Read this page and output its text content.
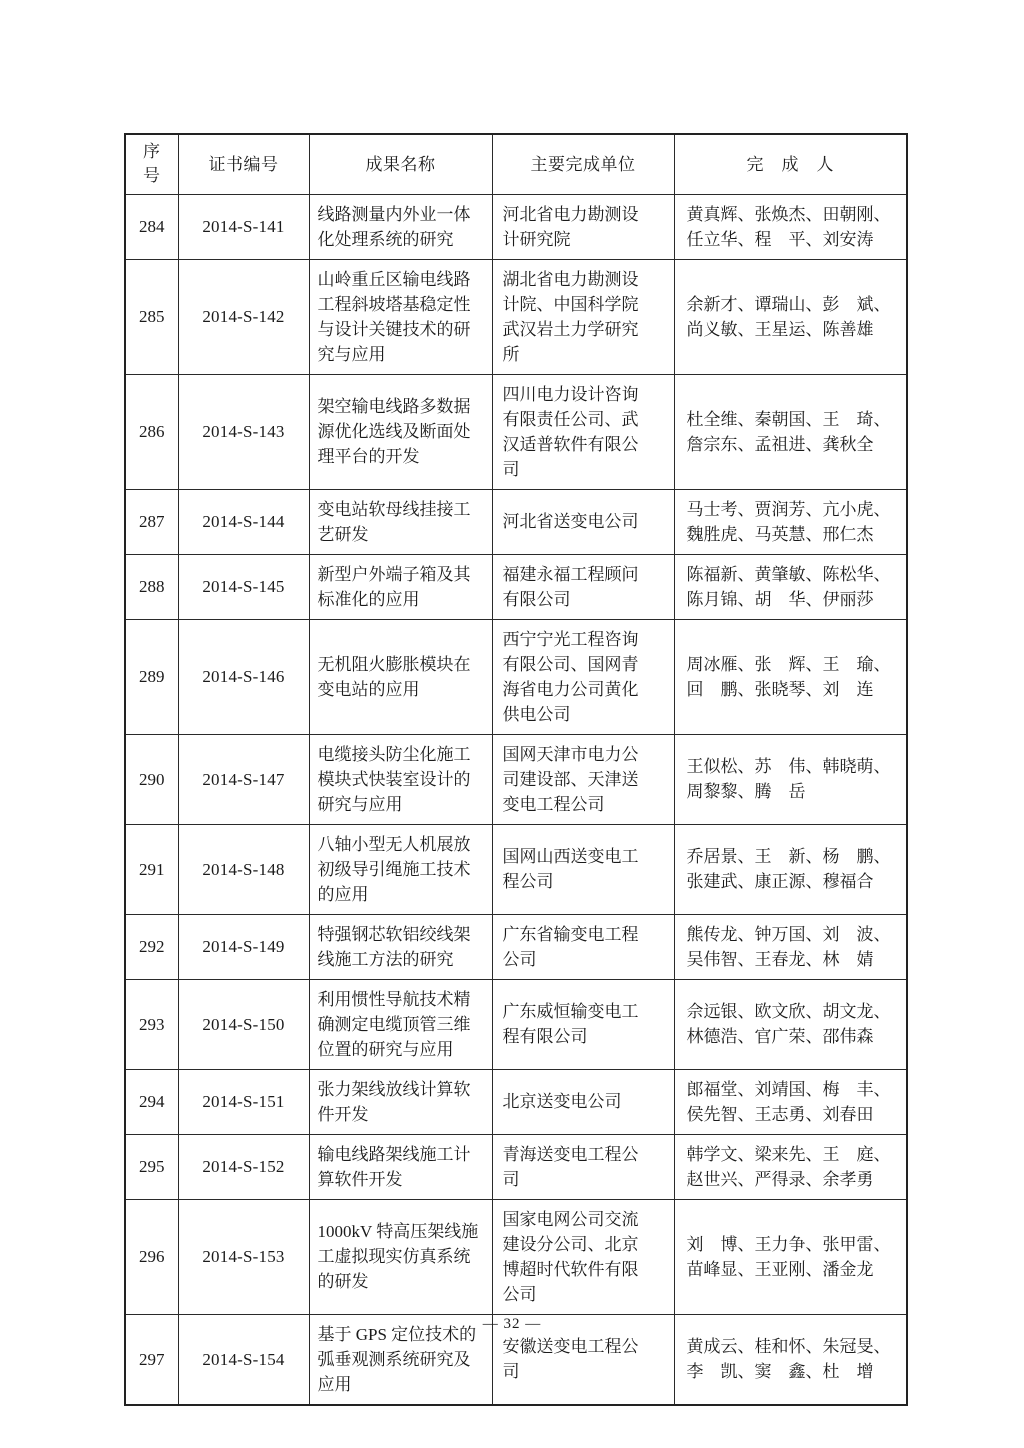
序号	证书编号	成果名称	主要完成单位	完　成　人
284	2014-S-141	线路测量内外业一体化处理系统的研究	河北省电力勘测设计研究院	黄真辉、张焕杰、田朝刚、任立华、程　平、刘安涛
285	2014-S-142	山岭重丘区输电线路工程斜坡塔基稳定性与设计关键技术的研究与应用	湖北省电力勘测设计院、中国科学院武汉岩土力学研究所	余新才、谭瑞山、彭　斌、尚义敏、王星运、陈善雄
286	2014-S-143	架空输电线路多数据源优化选线及断面处理平台的开发	四川电力设计咨询有限责任公司、武汉适普软件有限公司	杜全维、秦朝国、王　琦、詹宗东、孟祖进、龚秋全
287	2014-S-144	变电站软母线挂接工艺研发	河北省送变电公司	马士考、贾润芳、亢小虎、魏胜虎、马英慧、邢仁杰
288	2014-S-145	新型户外端子箱及其标准化的应用	福建永福工程顾问有限公司	陈福新、黄肇敏、陈松华、陈月锦、胡　华、伊丽莎
289	2014-S-146	无机阻火膨胀模块在变电站的应用	西宁宁光工程咨询有限公司、国网青海省电力公司黄化供电公司	周冰雁、张　辉、王　瑜、回　鹏、张晓琴、刘　连
290	2014-S-147	电缆接头防尘化施工模块式快装室设计的研究与应用	国网天津市电力公司建设部、天津送变电工程公司	王似松、苏　伟、韩晓萌、周黎黎、腾　岳
291	2014-S-148	八轴小型无人机展放初级导引绳施工技术的应用	国网山西送变电工程公司	乔居景、王　新、杨　鹏、张建武、康正源、穆福合
292	2014-S-149	特强钢芯软铝绞线架线施工方法的研究	广东省输变电工程公司	熊传龙、钟万国、刘　波、吴伟智、王春龙、林　婧
293	2014-S-150	利用惯性导航技术精确测定电缆顶管三维位置的研究与应用	广东威恒输变电工程有限公司	佘远银、欧文欣、胡文龙、林德浩、官广荣、邵伟森
294	2014-S-151	张力架线放线计算软件开发	北京送变电公司	郎福堂、刘靖国、梅　丰、侯先智、王志勇、刘春田
295	2014-S-152	输电线路架线施工计算软件开发	青海送变电工程公司	韩学文、梁来先、王　庭、赵世兴、严得录、余孝勇
296	2014-S-153	1000kV 特高压架线施工虚拟现实仿真系统的研发	国家电网公司交流建设分公司、北京博超时代软件有限公司	刘　博、王力争、张甲雷、苗峰显、王亚刚、潘金龙
297	2014-S-154	基于 GPS 定位技术的弧垂观测系统研究及应用	安徽送变电工程公司	黄成云、桂和怀、朱冠旻、李　凯、窦　鑫、杜　增
— 32 —
